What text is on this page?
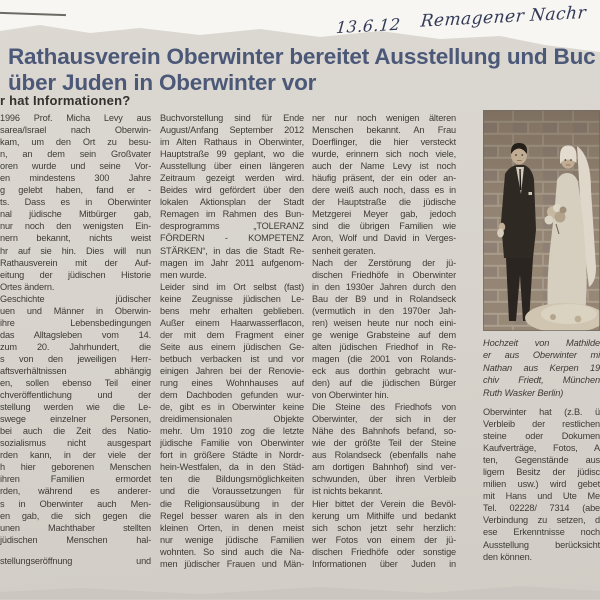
13.6.12 Remagener Nachr
Rathausverein Oberwinter bereitet Ausstellung und Buc
über Juden in Oberwinter vor
r hat Informationen?
1996 Prof. Micha Levy aus
sarea/Israel nach Oberwin-
kam, um den Ort zu besu-
n, an dem sein Großvater
oren wurde und seine Vor-
en mindestens 300 Jahre
g gelebt haben, fand er -
ts. Dass es in Oberwinter
nal jüdische Mitbürger gab,
nur noch den wenigsten Ein-
nern bekannt, nichts weist
hr auf sie hin. Dies will nun
Rathausverein mit der Auf-
eitung der jüdischen Historie
Ortes ändern.
Geschichte jüdischer
uen und Männer in Oberwin-
ihre Lebensbedingungen
das Alltagsleben vom 14.
zum 20. Jahrhundert, die
s von den jeweiligen Herr-
aftsverhältnissen abhängig
en, sollen ebenso Teil einer
chveröffentlichung und der
stellung werden wie die Le-
swege einzelner Personen,
bei auch die Zeit des Natio-
sozialismus nicht ausgespart
rden kann, in der viele der
h hier geborenen Menschen
ihren Familien ermordet
rden, während es anderer-
s in Oberwinter auch Men-
en gab, die sich gegen die
unen Machthaber stellten
jüdischen Menschen hal-
stellungseröffnung und
Buchvorstellung sind für Ende
August/Anfang September 2012
im Alten Rathaus in Oberwinter,
Hauptstraße 99 geplant, wo die
Ausstellung über einen längeren
Zeitraum gezeigt werden wird.
Beides wird gefördert über den
lokalen Aktionsplan der Stadt
Remagen im Rahmen des Bun-
desprogramms „TOLERANZ
FÖRDERN - KOMPETENZ
STÄRKEN“, in das die Stadt Re-
magen im Jahr 2011 aufgenom-
men wurde.
Leider sind im Ort selbst (fast)
keine Zeugnisse jüdischen Le-
bens mehr erhalten geblieben.
Außer einem Haarwasserflacon,
der mit dem Fragment einer
Seite aus einem jüdischen Ge-
betbuch verbacken ist und vor
einigen Jahren bei der Renovie-
rung eines Wohnhauses auf
dem Dachboden gefunden wur-
de, gibt es in Oberwinter keine
dreidimensionalen Objekte
mehr. Um 1910 zog die letzte
jüdische Familie von Oberwinter
fort in größere Städte in Nordr-
hein-Westfalen, da in den Städ-
ten die Bildungsmöglichkeiten
und die Voraussetzungen für
die Religionsausübung in der
Regel besser waren als in den
kleinen Orten, in denen meist
nur wenige jüdische Familien
wohnten. So sind auch die Na-
men jüdischer Frauen und Män-
ner nur noch wenigen älteren
Menschen bekannt. An Frau
Doerflinger, die hier versteckt
wurde, erinnern sich noch viele,
auch der Name Levy ist noch
häufig präsent, der ein oder an-
dere weiß auch noch, dass es in
der Hauptstraße die jüdische
Metzgerei Meyer gab, jedoch
sind die übrigen Familien wie
Aron, Wolf und David in Verges-
senheit geraten.
Nach der Zerstörung der jü-
dischen Friedhöfe in Oberwinter
in den 1930er Jahren durch den
Bau der B9 und in Rolandseck
(vermutlich in den 1970er Jah-
ren) weisen heute nur noch eini-
ge wenige Grabsteine auf dem
alten jüdischen Friedhof in Re-
magen (die 2001 von Rolands-
eck aus dorthin gebracht wur-
den) auf die jüdischen Bürger
von Oberwinter hin.
Die Steine des Friedhofs von
Oberwinter, der sich in der
Nähe des Bahnhofs befand, so-
wie der größte Teil der Steine
aus Rolandseck (ebenfalls nahe
am dortigen Bahnhof) sind ver-
schwunden, über ihren Verbleib
ist nichts bekannt.
Hier bittet der Verein die Bevöl-
kerung um Mithilfe und bedankt
sich schon jetzt sehr herzlich:
wer Fotos von einem der jü-
dischen Friedhöfe oder sonstige
Informationen über Juden in
Hochzeit von Mathilde
er aus Oberwinter mi
Nathan aus Kerpen 19
chiv Friedt, München
Ruth Wasker Berlin)
Oberwinter hat (z.B. ü
Verbleib der restlichen
steine oder Dokumen
Kaufverträge, Fotos, A
ten, Gegenstände aus
ligem Besitz der jüdisc
milien usw.) wird gebet
mit Hans und Ute Me
Tel. 02228/ 7314 (abe
Verbindung zu setzen, d
ese Erkenntnisse noch
Ausstellung berücksicht
den können.
